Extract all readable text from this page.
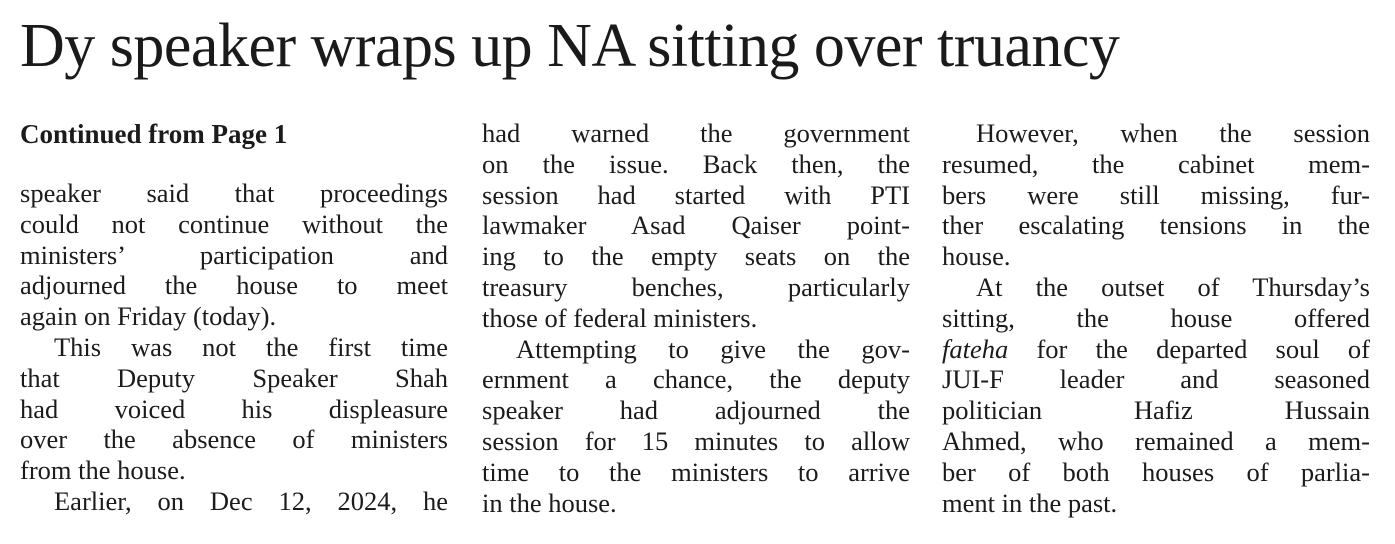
Dy speaker wraps up NA sitting over truancy
Continued from Page 1
speaker said that proceedings
could not continue without the
ministers’ participation and
adjourned the house to meet
again on Friday (today).
This was not the first time
that Deputy Speaker Shah
had voiced his displeasure
over the absence of ministers
from the house.
Earlier, on Dec 12, 2024, he
had warned the government
on the issue. Back then, the
session had started with PTI
lawmaker Asad Qaiser point-
ing to the empty seats on the
treasury benches, particularly
those of federal ministers.
Attempting to give the gov-
ernment a chance, the deputy
speaker had adjourned the
session for 15 minutes to allow
time to the ministers to arrive
in the house.
However, when the session
resumed, the cabinet mem-
bers were still missing, fur-
ther escalating tensions in the
house.
At the outset of Thursday’s
sitting, the house offered
fateha for the departed soul of
JUI-F leader and seasoned
politician Hafiz Hussain
Ahmed, who remained a mem-
ber of both houses of parlia-
ment in the past.
